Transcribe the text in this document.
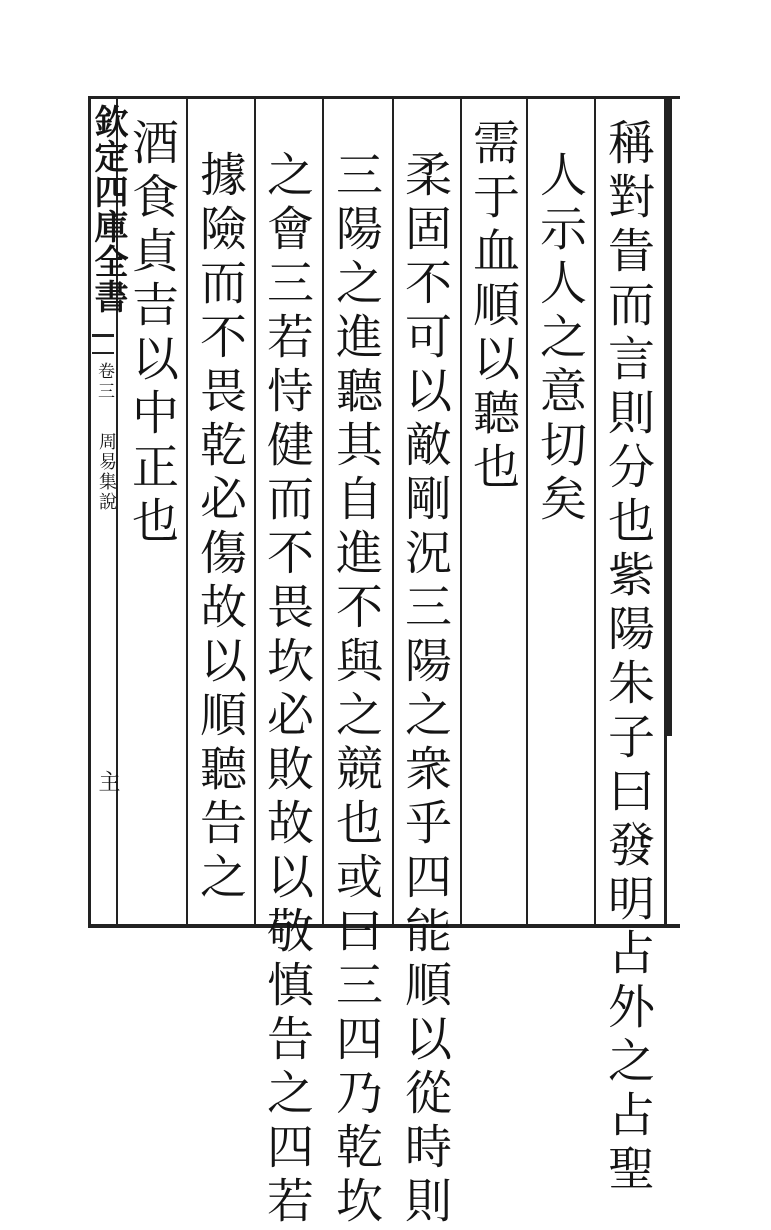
欽定四庫全書
卷三
周易集說
主	稱對眚而言則分也紫陽朱子曰發明占外之占聖
人示人之意切矣
需于血順以聽也
柔固不可以敵剛況三陽之衆乎四能順以從時則
三陽之進聽其自進不與之競也或曰三四乃乾坎
之會三若恃健而不畏坎必敗故以敬慎告之四若
據險而不畏乾必傷故以順聽告之
酒食貞吉以中正也
